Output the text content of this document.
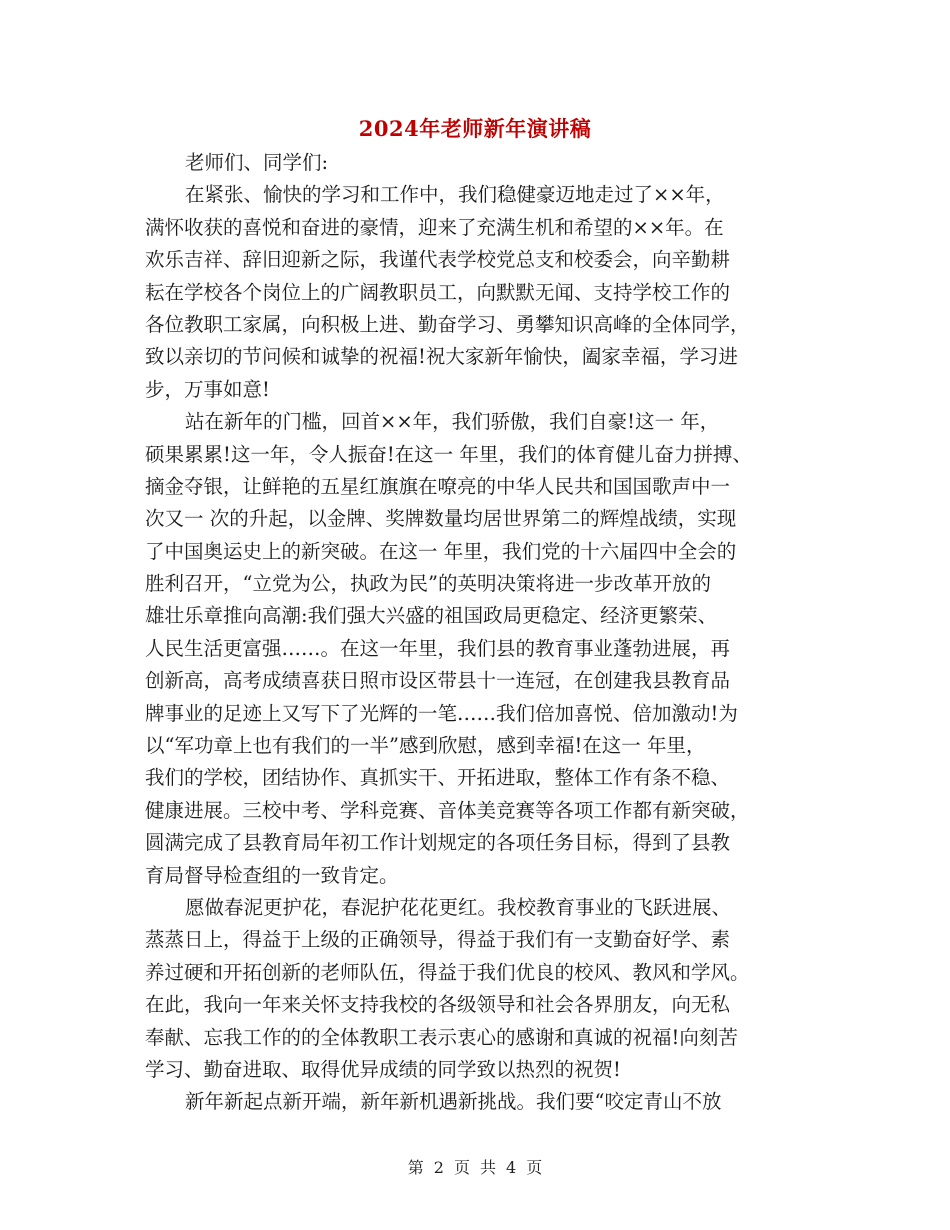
2024年老师新年演讲稿
老师们、同学们:
在紧张、愉快的学习和工作中，我们稳健豪迈地走过了××年，
满怀收获的喜悦和奋进的豪情，迎来了充满生机和希望的××年。在
欢乐吉祥、辞旧迎新之际，我谨代表学校党总支和校委会，向辛勤耕
耘在学校各个岗位上的广阔教职员工，向默默无闻、支持学校工作的
各位教职工家属，向积极上进、勤奋学习、勇攀知识高峰的全体同学，
致以亲切的节问候和诚挚的祝福!祝大家新年愉快，阖家幸福，学习进
步，万事如意!
站在新年的门槛，回首××年，我们骄傲，我们自豪!这一 年，
硕果累累!这一年，令人振奋!在这一 年里，我们的体育健儿奋力拼搏、
摘金夺银，让鲜艳的五星红旗旗在嘹亮的中华人民共和国国歌声中一
次又一 次的升起，以金牌、奖牌数量均居世界第二的辉煌战绩，实现
了中国奥运史上的新突破。在这一 年里，我们党的十六届四中全会的
胜利召开，“立党为公，执政为民”的英明决策将进一步改革开放的
雄壮乐章推向高潮:我们强大兴盛的祖国政局更稳定、经济更繁荣、
人民生活更富强……。在这一年里，我们县的教育事业蓬勃进展，再
创新高，高考成绩喜获日照市设区带县十一连冠，在创建我县教育品
牌事业的足迹上又写下了光辉的一笔……我们倍加喜悦、倍加激动!为
以“军功章上也有我们的一半”感到欣慰，感到幸福!在这一 年里，
我们的学校，团结协作、真抓实干、开拓进取，整体工作有条不稳、
健康进展。三校中考、学科竞赛、音体美竞赛等各项工作都有新突破，
圆满完成了县教育局年初工作计划规定的各项任务目标，得到了县教
育局督导检查组的一致肯定。
愿做春泥更护花，春泥护花花更红。我校教育事业的飞跃进展、
蒸蒸日上，得益于上级的正确领导，得益于我们有一支勤奋好学、素
养过硬和开拓创新的老师队伍，得益于我们优良的校风、教风和学风。
在此，我向一年来关怀支持我校的各级领导和社会各界朋友，向无私
奉献、忘我工作的的全体教职工表示衷心的感谢和真诚的祝福!向刻苦
学习、勤奋进取、取得优异成绩的同学致以热烈的祝贺!
新年新起点新开端，新年新机遇新挑战。我们要“咬定青山不放
第 2 页 共 4 页
